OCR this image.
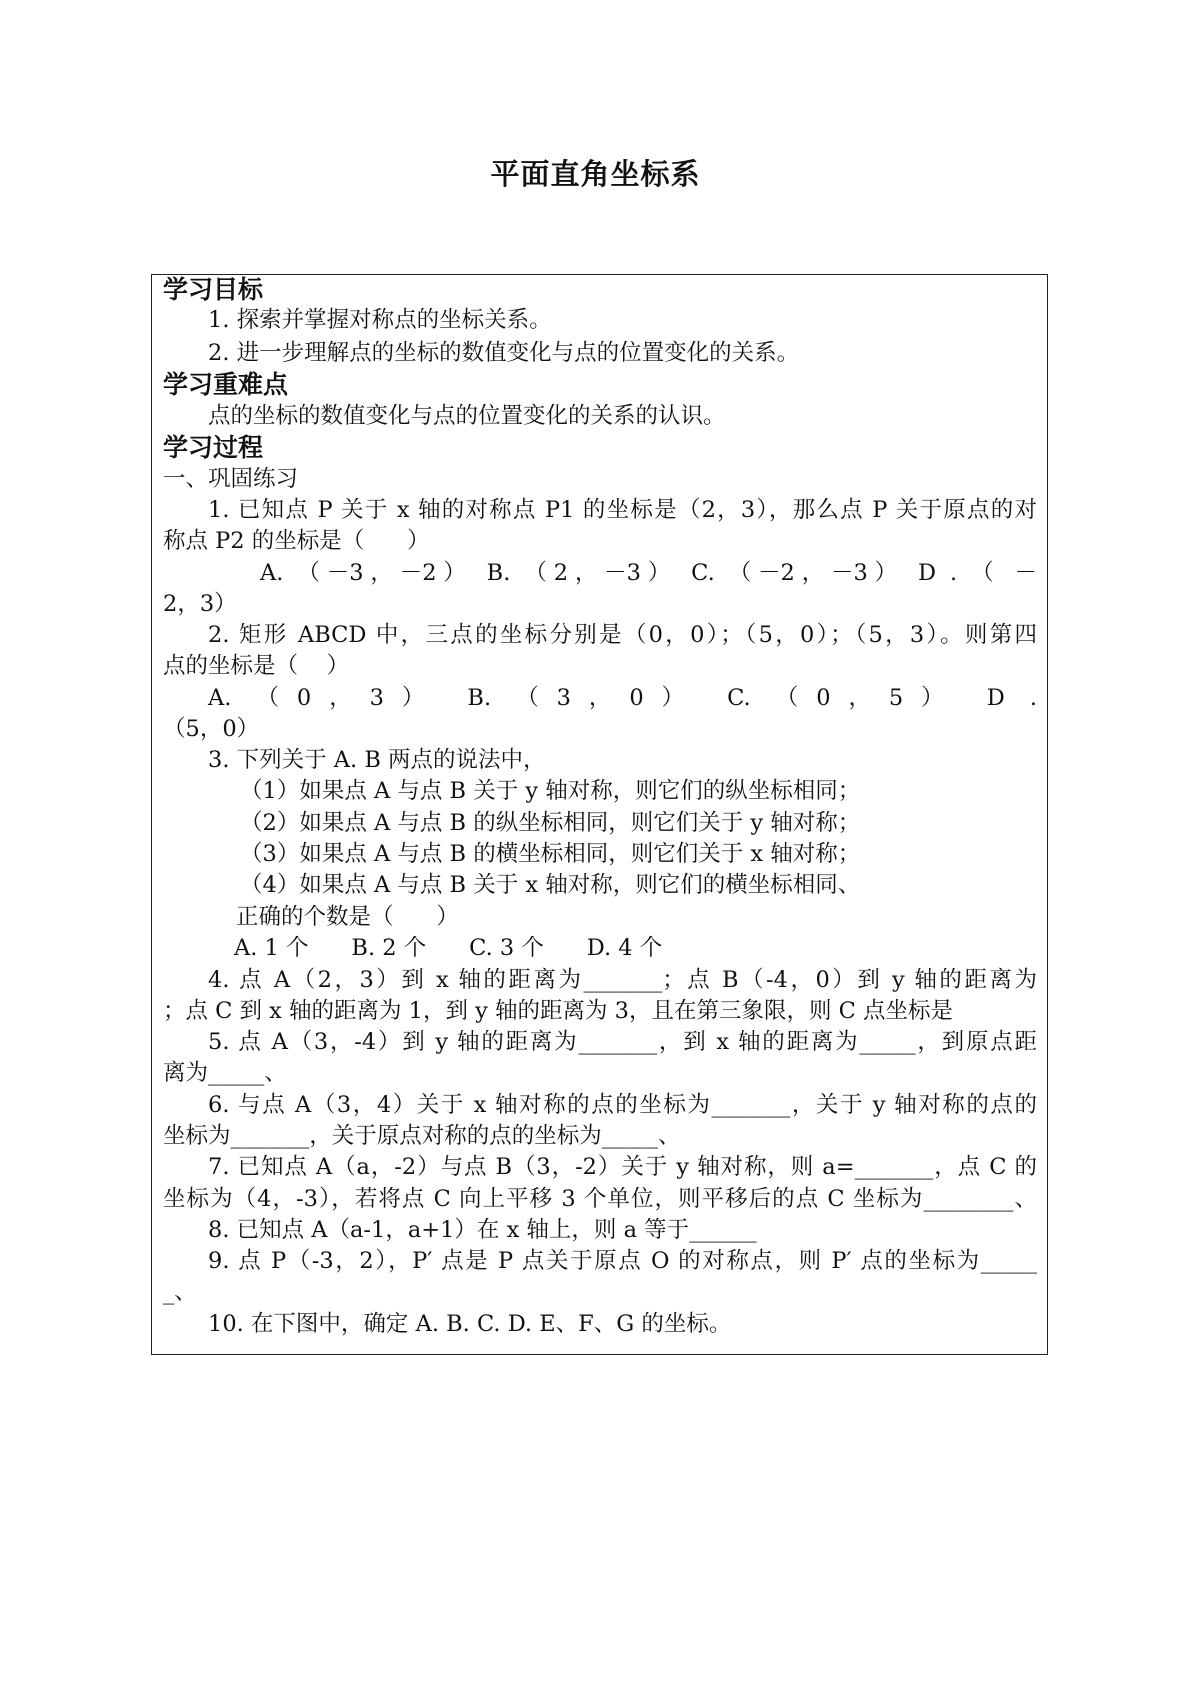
平面直角坐标系
学习目标
1. 探索并掌握对称点的坐标关系。
2. 进一步理解点的坐标的数值变化与点的位置变化的关系。
学习重难点
点的坐标的数值变化与点的位置变化的关系的认识。
学习过程
一、巩固练习
1. 已知点 P 关于 x 轴的对称点 P1 的坐标是（2，3），那么点 P 关于原点的对
称点 P2 的坐标是（      ）
A. （－3，－2） B. （2，－3） C. （－2，－3） D . （ －
2，3）
2. 矩形 ABCD 中，三点的坐标分别是（0，0）；（5，0）；（5，3）。则第四
点的坐标是（    ）
A. （0，3） B. （3，0） C. （0，5） D .
（5，0）
3. 下列关于 A. B 两点的说法中，
（1）如果点 A 与点 B 关于 y 轴对称，则它们的纵坐标相同；
（2）如果点 A 与点 B 的纵坐标相同，则它们关于 y 轴对称；
（3）如果点 A 与点 B 的横坐标相同，则它们关于 x 轴对称；
（4）如果点 A 与点 B 关于 x 轴对称，则它们的横坐标相同、
正确的个数是（      ）
A. 1 个      B. 2 个      C. 3 个      D. 4 个
4. 点 A（2，3）到 x 轴的距离为_______；点 B（-4，0）到 y 轴的距离为
；点 C 到 x 轴的距离为 1，到 y 轴的距离为 3，且在第三象限，则 C 点坐标是
5. 点 A（3，-4）到 y 轴的距离为_______，到 x 轴的距离为_____，到原点距
离为_____、
6. 与点 A（3，4）关于 x 轴对称的点的坐标为_______，关于 y 轴对称的点的
坐标为_______，关于原点对称的点的坐标为_____、
7. 已知点 A（a，-2）与点 B（3，-2）关于 y 轴对称，则 a=_______，点 C 的
坐标为（4，-3），若将点 C 向上平移 3 个单位，则平移后的点 C 坐标为________、
8. 已知点 A（a-1，a+1）在 x 轴上，则 a 等于______
9. 点 P（-3，2），P′ 点是 P 点关于原点 O 的对称点，则 P′ 点的坐标为_____
_、
10. 在下图中，确定 A. B. C. D. E、F、G 的坐标。
